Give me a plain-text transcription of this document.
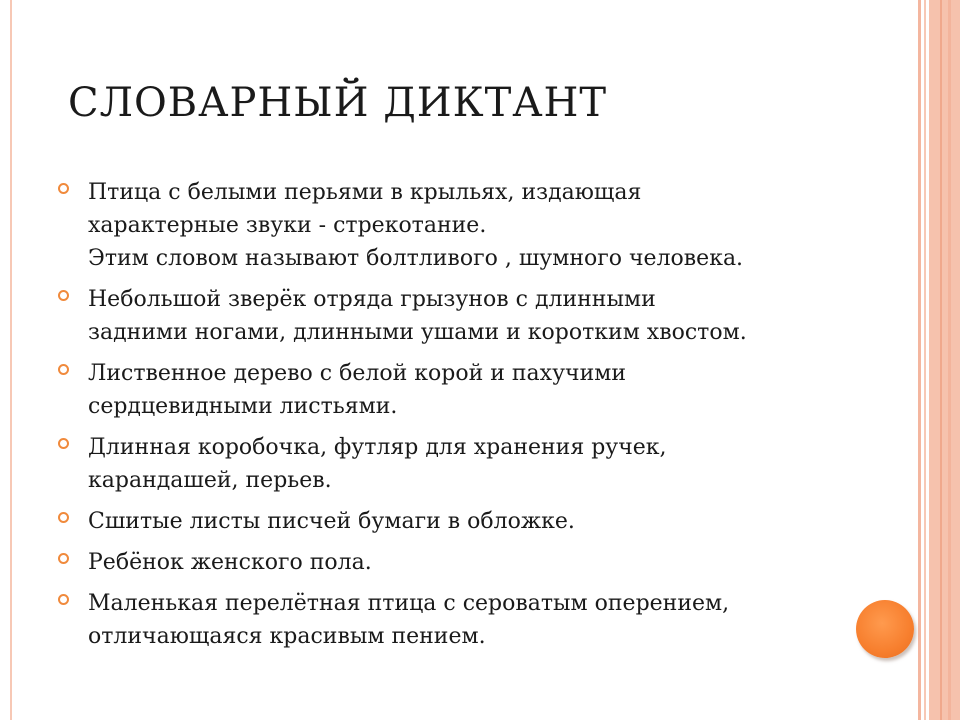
СЛОВАРНЫЙ ДИКТАНТ
Птица с белыми перьями в крыльях, издающая
характерные звуки - стрекотание.
Этим словом называют болтливого , шумного человека.
Небольшой зверёк отряда грызунов с длинными
задними ногами, длинными ушами и коротким хвостом.
Лиственное дерево с белой корой и пахучими
сердцевидными листьями.
Длинная коробочка, футляр для хранения ручек,
карандашей, перьев.
Сшитые листы писчей бумаги в обложке.
Ребёнок женского пола.
Маленькая перелётная птица с сероватым оперением,
отличающаяся красивым пением.
